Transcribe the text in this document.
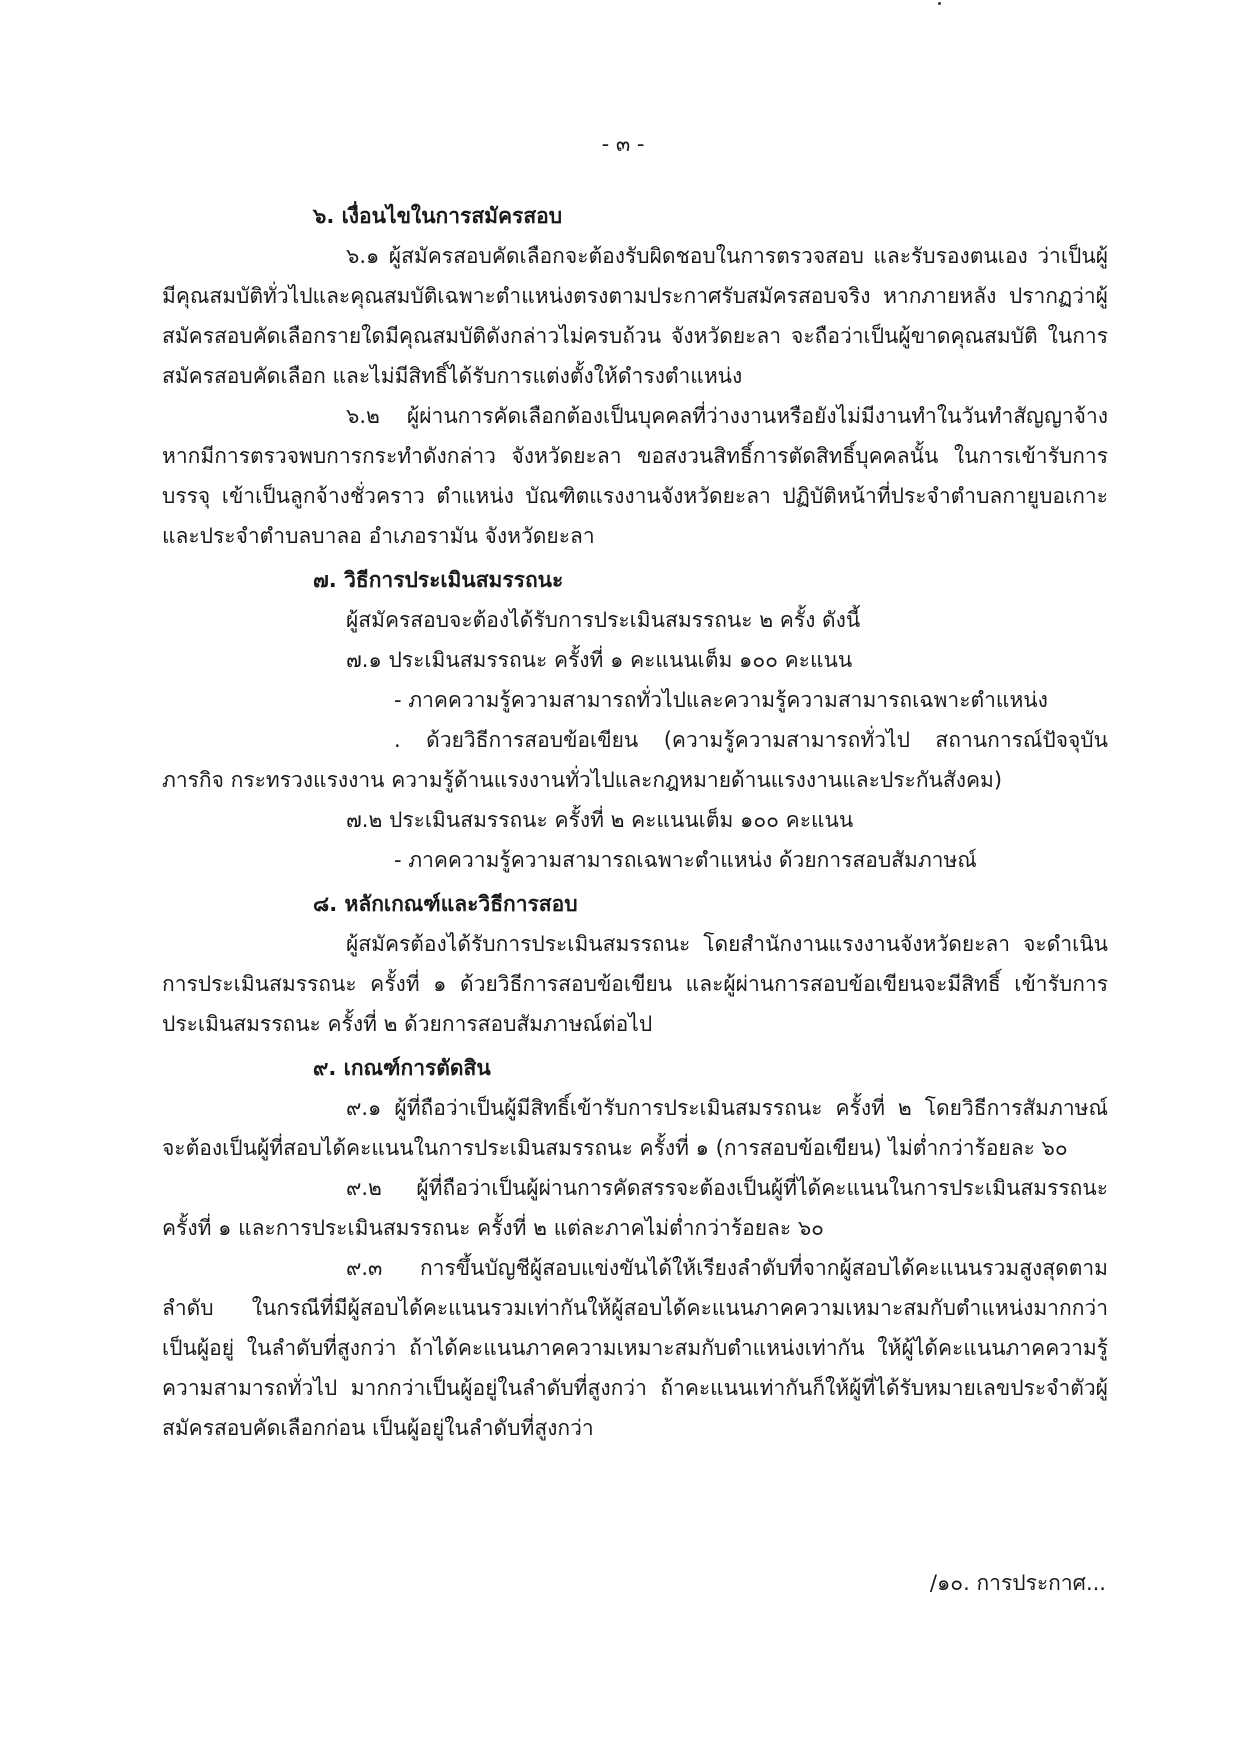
- ๓ -

๖. เงื่อนไขในการสมัครสอบ

๖.๑ ผู้สมัครสอบคัดเลือกจะต้องรับผิดชอบในการตรวจสอบ และรับรองตนเอง ว่าเป็นผู้มีคุณสมบัติทั่วไปและคุณสมบัติเฉพาะตำแหน่งตรงตามประกาศรับสมัครสอบจริง หากภายหลัง ปรากฏว่าผู้สมัครสอบคัดเลือกรายใดมีคุณสมบัติดังกล่าวไม่ครบถ้วน จังหวัดยะลา จะถือว่าเป็นผู้ขาดคุณสมบัติ ในการสมัครสอบคัดเลือก และไม่มีสิทธิ์ได้รับการแต่งตั้งให้ดำรงตำแหน่ง

๖.๒ ผู้ผ่านการคัดเลือกต้องเป็นบุคคลที่ว่างงานหรือยังไม่มีงานทำในวันทำสัญญาจ้าง หากมีการตรวจพบการกระทำดังกล่าว จังหวัดยะลา ขอสงวนสิทธิ์การตัดสิทธิ์บุคคลนั้น ในการเข้ารับการบรรจุ เข้าเป็นลูกจ้างชั่วคราว ตำแหน่ง บัณฑิตแรงงานจังหวัดยะลา ปฏิบัติหน้าที่ประจำตำบลกายูบอเกาะ และประจำตำบลบาลอ อำเภอรามัน จังหวัดยะลา

๗. วิธีการประเมินสมรรถนะ

ผู้สมัครสอบจะต้องได้รับการประเมินสมรรถนะ ๒ ครั้ง ดังนี้

๗.๑ ประเมินสมรรถนะ ครั้งที่ ๑ คะแนนเต็ม ๑๐๐ คะแนน

- ภาคความรู้ความสามารถทั่วไปและความรู้ความสามารถเฉพาะตำแหน่ง

. ด้วยวิธีการสอบข้อเขียน (ความรู้ความสามารถทั่วไป สถานการณ์ปัจจุบัน ภารกิจ กระทรวงแรงงาน ความรู้ด้านแรงงานทั่วไปและกฎหมายด้านแรงงานและประกันสังคม)

๗.๒ ประเมินสมรรถนะ ครั้งที่ ๒ คะแนนเต็ม ๑๐๐ คะแนน

- ภาคความรู้ความสามารถเฉพาะตำแหน่ง ด้วยการสอบสัมภาษณ์

๘. หลักเกณฑ์และวิธีการสอบ

ผู้สมัครต้องได้รับการประเมินสมรรถนะ โดยสำนักงานแรงงานจังหวัดยะลา จะดำเนินการประเมินสมรรถนะ ครั้งที่ ๑ ด้วยวิธีการสอบข้อเขียน และผู้ผ่านการสอบข้อเขียนจะมีสิทธิ์ เข้ารับการประเมินสมรรถนะ ครั้งที่ ๒ ด้วยการสอบสัมภาษณ์ต่อไป

๙. เกณฑ์การตัดสิน

๙.๑ ผู้ที่ถือว่าเป็นผู้มีสิทธิ์เข้ารับการประเมินสมรรถนะ ครั้งที่ ๒ โดยวิธีการสัมภาษณ์ จะต้องเป็นผู้ที่สอบได้คะแนนในการประเมินสมรรถนะ ครั้งที่ ๑ (การสอบข้อเขียน) ไม่ต่ำกว่าร้อยละ ๖๐

๙.๒ ผู้ที่ถือว่าเป็นผู้ผ่านการคัดสรรจะต้องเป็นผู้ที่ได้คะแนนในการประเมินสมรรถนะ ครั้งที่ ๑ และการประเมินสมรรถนะ ครั้งที่ ๒ แต่ละภาคไม่ต่ำกว่าร้อยละ ๖๐

๙.๓ การขึ้นบัญชีผู้สอบแข่งขันได้ให้เรียงลำดับที่จากผู้สอบได้คะแนนรวมสูงสุดตามลำดับ ในกรณีที่มีผู้สอบได้คะแนนรวมเท่ากันให้ผู้สอบได้คะแนนภาคความเหมาะสมกับตำแหน่งมากกว่าเป็นผู้อยู่ ในลำดับที่สูงกว่า ถ้าได้คะแนนภาคความเหมาะสมกับตำแหน่งเท่ากัน ให้ผู้ได้คะแนนภาคความรู้ความสามารถทั่วไป มากกว่าเป็นผู้อยู่ในลำดับที่สูงกว่า ถ้าคะแนนเท่ากันก็ให้ผู้ที่ได้รับหมายเลขประจำตัวผู้สมัครสอบคัดเลือกก่อน เป็นผู้อยู่ในลำดับที่สูงกว่า

/๑๐. การประกาศ...
